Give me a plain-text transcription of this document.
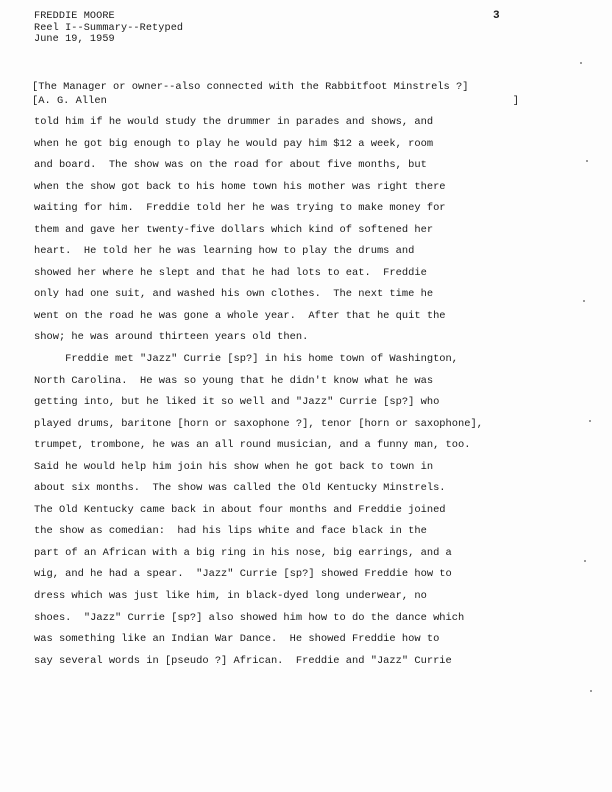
FREDDIE MOORE
Reel I--Summary--Retyped
June 19, 1959
3
[The Manager or owner--also connected with the Rabbitfoot Minstrels ?]
[A. G. Allen	]
told him if he would study the drummer in parades and shows, and
when he got big enough to play he would pay him $12 a week, room
and board.  The show was on the road for about five months, but
when the show got back to his home town his mother was right there
waiting for him.  Freddie told her he was trying to make money for
them and gave her twenty-five dollars which kind of softened her
heart.  He told her he was learning how to play the drums and
showed her where he slept and that he had lots to eat.  Freddie
only had one suit, and washed his own clothes.  The next time he
went on the road he was gone a whole year.  After that he quit the
show; he was around thirteen years old then.
Freddie met "Jazz" Currie [sp?] in his home town of Washington,
North Carolina.  He was so young that he didn't know what he was
getting into, but he liked it so well and "Jazz" Currie [sp?] who
played drums, baritone [horn or saxophone ?], tenor [horn or saxophone],
trumpet, trombone, he was an all round musician, and a funny man, too.
Said he would help him join his show when he got back to town in
about six months.  The show was called the Old Kentucky Minstrels.
The Old Kentucky came back in about four months and Freddie joined
the show as comedian:  had his lips white and face black in the
part of an African with a big ring in his nose, big earrings, and a
wig, and he had a spear.  "Jazz" Currie [sp?] showed Freddie how to
dress which was just like him, in black-dyed long underwear, no
shoes.  "Jazz" Currie [sp?] also showed him how to do the dance which
was something like an Indian War Dance.  He showed Freddie how to
say several words in [pseudo ?] African.  Freddie and "Jazz" Currie
